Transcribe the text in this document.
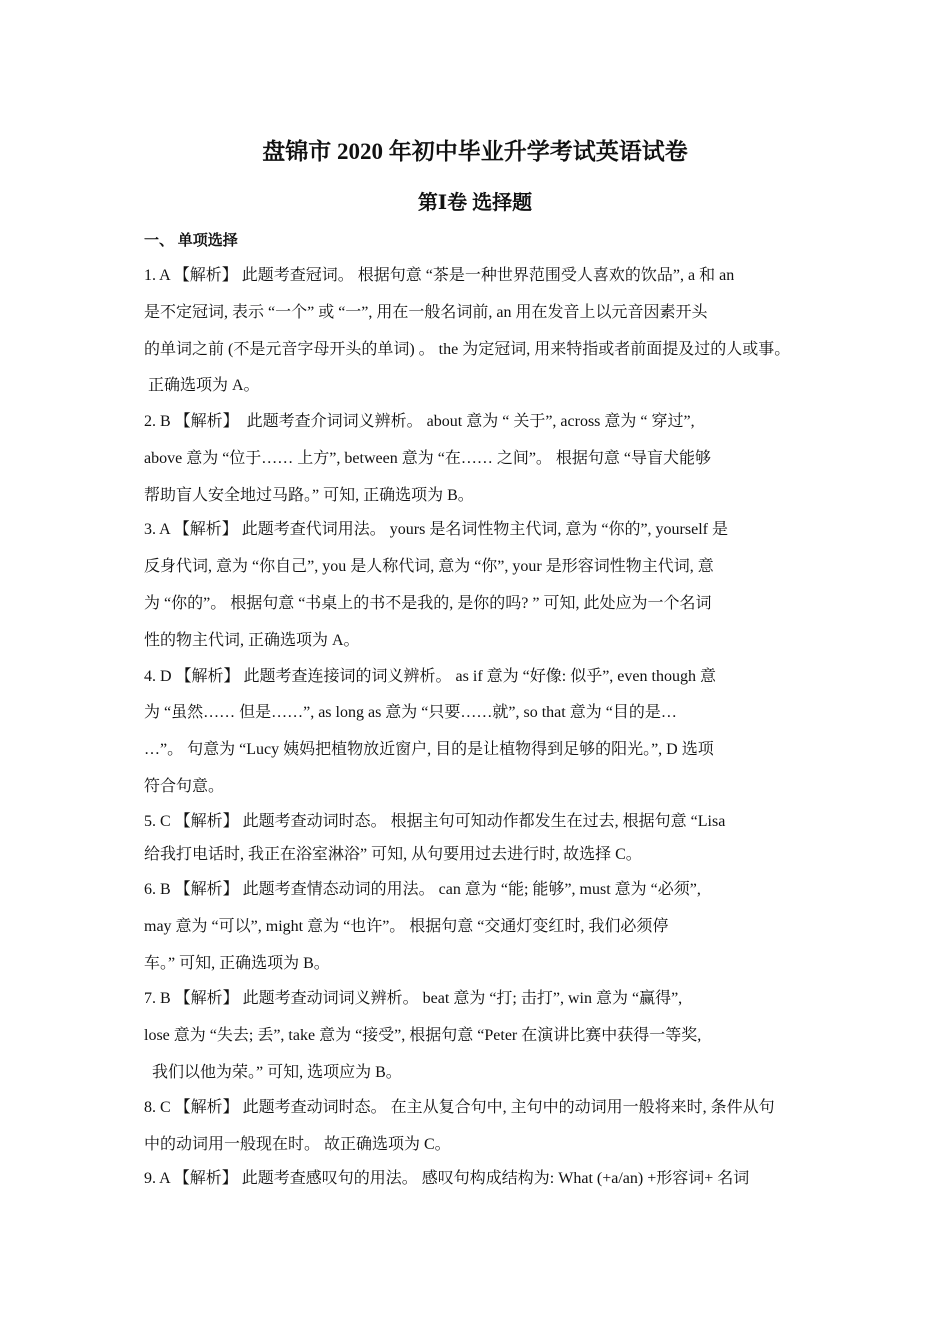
盘锦市 2020 年初中毕业升学考试英语试卷
第Ⅰ卷 选择题

一、 单项选择

1. A 【解析】 此题考查冠词。 根据句意 “茶是一种世界范围受人喜欢的饮品”, a 和 an

是不定冠词, 表示 “一个” 或 “一”, 用在一般名词前, an 用在发音上以元音因素开头

的单词之前 (不是元音字母开头的单词) 。 the 为定冠词, 用来特指或者前面提及过的人或事。

正确选项为 A。

2. B 【解析】  此题考查介词词义辨析。 about 意为 “ 关于”, across 意为 “ 穿过”,

above 意为 “位于…… 上方”, between 意为 “在…… 之间”。 根据句意 “导盲犬能够

帮助盲人安全地过马路。” 可知, 正确选项为 B。

3. A 【解析】 此题考查代词用法。 yours 是名词性物主代词, 意为 “你的”, yourself 是

反身代词, 意为 “你自己”, you 是人称代词, 意为 “你”, your 是形容词性物主代词, 意

为 “你的”。 根据句意 “书桌上的书不是我的, 是你的吗? ” 可知, 此处应为一个名词

性的物主代词, 正确选项为 A。

4. D 【解析】 此题考查连接词的词义辨析。 as if 意为 “好像: 似乎”, even though 意

为 “虽然…… 但是……”, as long as 意为 “只要……就”, so that 意为 “目的是…

…”。 句意为 “Lucy 姨妈把植物放近窗户, 目的是让植物得到足够的阳光。”, D 选项

符合句意。

5. C 【解析】 此题考查动词时态。 根据主句可知动作都发生在过去, 根据句意 “Lisa

给我打电话时, 我正在浴室淋浴” 可知, 从句要用过去进行时, 故选择 C。

6. B 【解析】 此题考查情态动词的用法。 can 意为 “能; 能够”, must 意为 “必须”,

may 意为 “可以”, might 意为 “也许”。 根据句意 “交通灯变红时, 我们必须停

车。” 可知, 正确选项为 B。

7. B 【解析】 此题考查动词词义辨析。 beat 意为 “打; 击打”, win 意为 “赢得”,

lose 意为 “失去; 丢”, take 意为 “接受”, 根据句意 “Peter 在演讲比赛中获得一等奖,

我们以他为荣。” 可知, 选项应为 B。

8. C 【解析】 此题考查动词时态。 在主从复合句中, 主句中的动词用一般将来时, 条件从句

中的动词用一般现在时。 故正确选项为 C。

9. A 【解析】 此题考查感叹句的用法。 感叹句构成结构为: What (+a/an) +形容词+ 名词
